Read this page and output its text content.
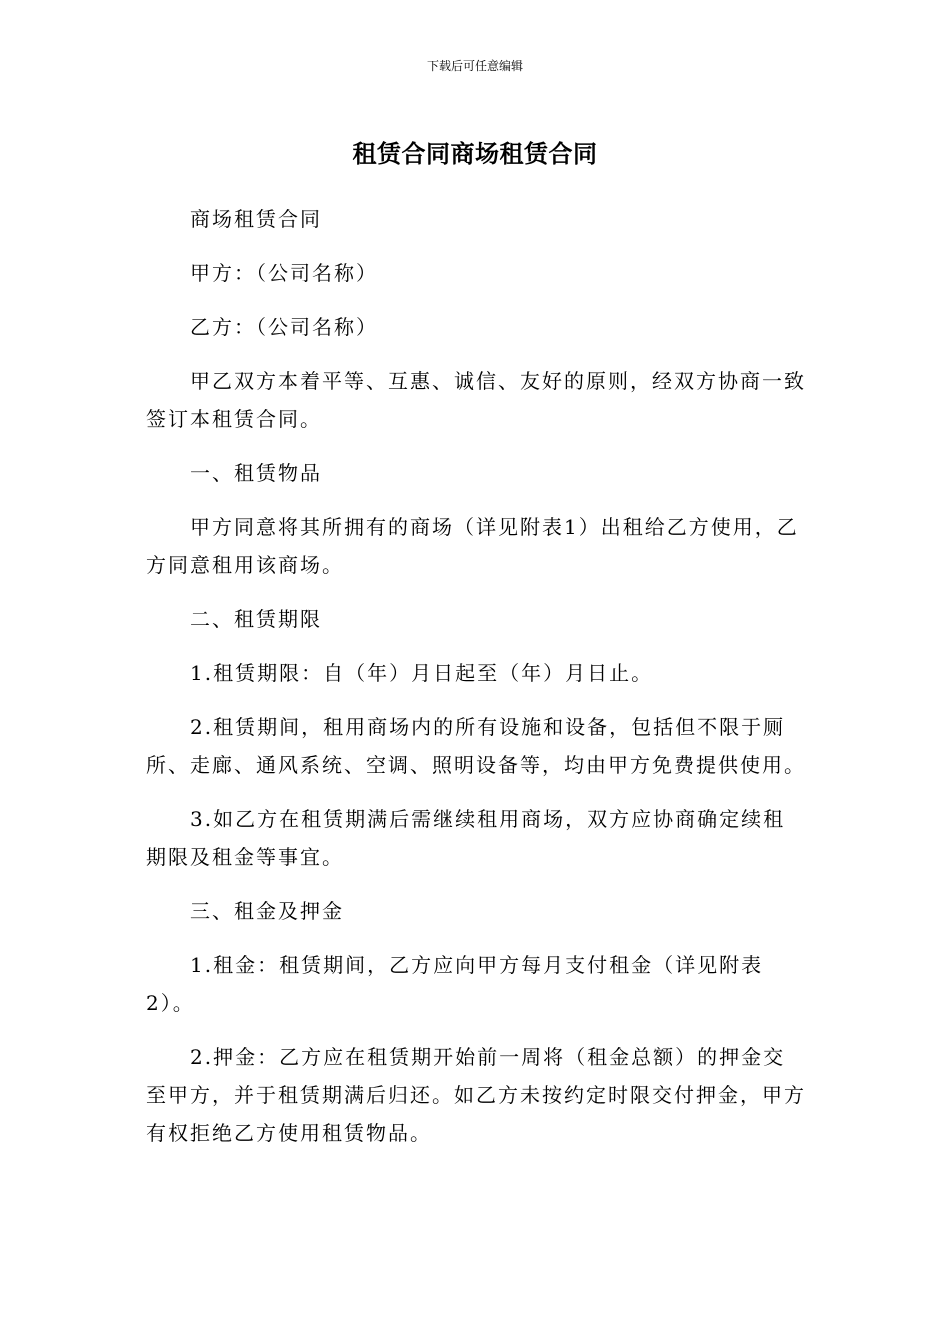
下载后可任意编辑
租赁合同商场租赁合同

商场租赁合同

甲方：（公司名称）

乙方：（公司名称）

甲乙双方本着平等、互惠、诚信、友好的原则，经双方协商一致签订本租赁合同。

一、租赁物品

甲方同意将其所拥有的商场（详见附表1）出租给乙方使用，乙方同意租用该商场。

二、租赁期限

1.租赁期限：自（年）月日起至（年）月日止。

2.租赁期间，租用商场内的所有设施和设备，包括但不限于厕所、走廊、通风系统、空调、照明设备等，均由甲方免费提供使用。

3.如乙方在租赁期满后需继续租用商场，双方应协商确定续租期限及租金等事宜。

三、租金及押金

1.租金：租赁期间，乙方应向甲方每月支付租金（详见附表2）。

2.押金：乙方应在租赁期开始前一周将（租金总额）的押金交至甲方，并于租赁期满后归还。如乙方未按约定时限交付押金，甲方有权拒绝乙方使用租赁物品。
